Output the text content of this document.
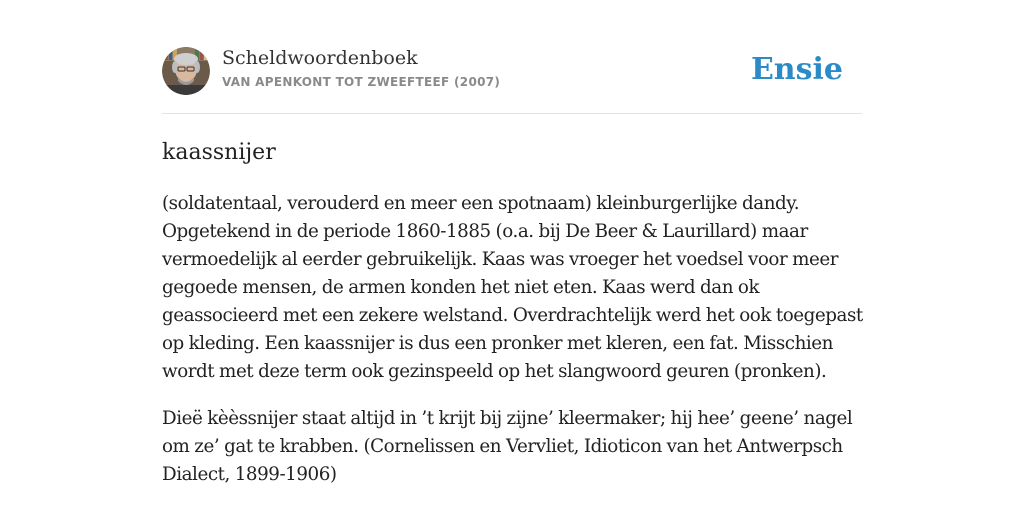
Scheldwoordenboek
VAN APENKONT TOT ZWEEFTEEF (2007)	Ensie
kaassnijer

(soldatentaal, verouderd en meer een spotnaam) kleinburgerlijke dandy. Opgetekend in de periode 1860-1885 (o.a. bij De Beer & Laurillard) maar vermoedelijk al eerder gebruikelijk. Kaas was vroeger het voedsel voor meer gegoede mensen, de armen konden het niet eten. Kaas werd dan ok geassocieerd met een zekere welstand. Overdrachtelijk werd het ook toegepast op kleding. Een kaassnijer is dus een pronker met kleren, een fat. Misschien wordt met deze term ook gezinspeeld op het slangwoord geuren (pronken).

Dieë kèèssnijer staat altijd in ’t krijt bij zijne’ kleermaker; hij hee’ geene’ nagel om ze’ gat te krabben. (Cornelissen en Vervliet, Idioticon van het Antwerpsch Dialect, 1899-1906)
